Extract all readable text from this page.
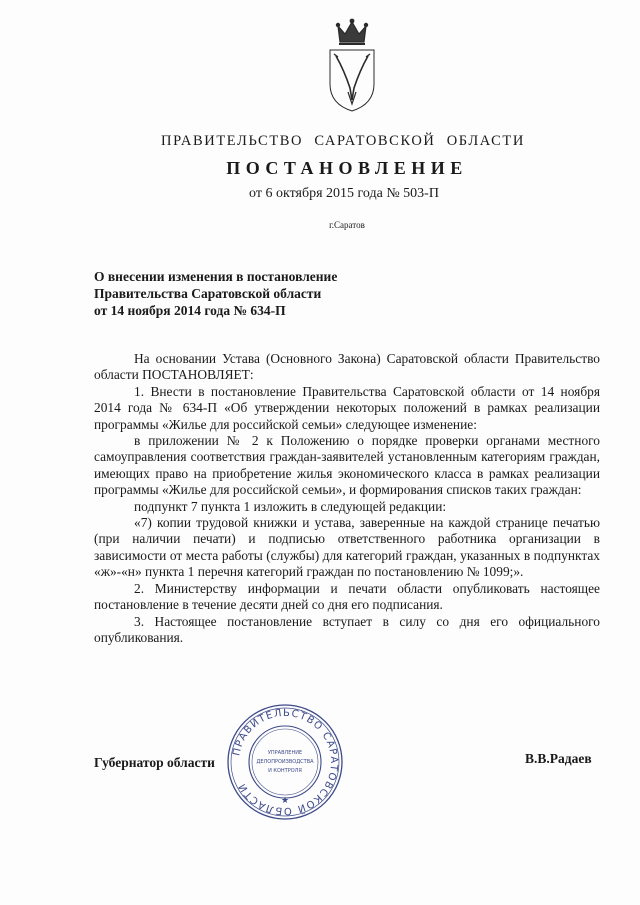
ПРАВИТЕЛЬСТВО САРАТОВСКОЙ ОБЛАСТИ
ПОСТАНОВЛЕНИЕ
от 6 октября 2015 года № 503-П
г.Саратов
О внесении изменения в постановление
Правительства Саратовской области
от 14 ноября 2014 года № 634-П

На основании Устава (Основного Закона) Саратовской области Правительство области ПОСТАНОВЛЯЕТ:

1. Внести в постановление Правительства Саратовской области от 14 ноября 2014 года № 634-П «Об утверждении некоторых положений в рамках реализации программы «Жилье для российской семьи» следующее изменение:

в приложении № 2 к Положению о порядке проверки органами местного самоуправления соответствия граждан-заявителей установленным категориям граждан, имеющих право на приобретение жилья экономического класса в рамках реализации программы «Жилье для российской семьи», и формирования списков таких граждан:

подпункт 7 пункта 1 изложить в следующей редакции:

«7) копии трудовой книжки и устава, заверенные на каждой странице печатью (при наличии печати) и подписью ответственного работника организации в зависимости от места работы (службы) для категорий граждан, указанных в подпунктах «ж»-«н» пункта 1 перечня категорий граждан по постановлению № 1099;».

2. Министерству информации и печати области опубликовать настоящее постановление в течение десяти дней со дня его подписания.

3. Настоящее постановление вступает в силу со дня его официального опубликования.

ПРАВИТЕЛЬСТВО САРАТОВСКОЙ ОБЛАСТИ
УПРАВЛЕНИЕ
ДЕЛОПРОИЗВОДСТВА
И КОНТРОЛЯ
★
Губернатор области	В.В.Радаев
